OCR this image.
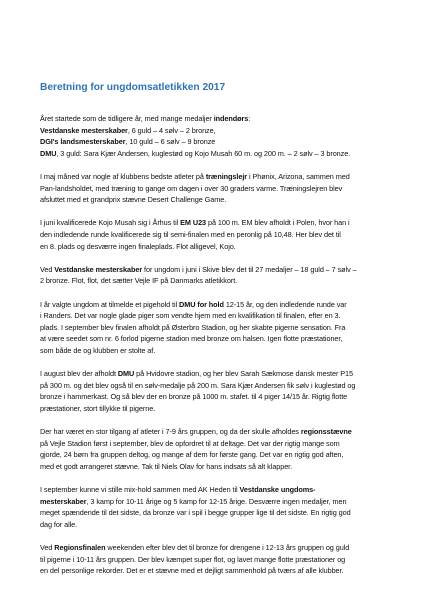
Beretning for ungdomsatletikken 2017
Året startede som de tidligere år, med mange medaljer indendørs:
Vestdanske mesterskaber, 6 guld – 4 sølv – 2 bronze,
DGI's landsmesterskaber, 10 guld – 6 sølv – 9 bronze
DMU, 3 guld: Sara Kjær Andersen, kuglestød og Kojo Musah 60 m. og 200 m. – 2 sølv – 3 bronze.
I maj måned var nogle af klubbens bedste atleter på træningslejr i Phønix, Arizona, sammen med
Pan-landsholdet, med træning to gange om dagen i over 30 graders varme. Træningslejren blev
afsluttet med et grandprix stævne Desert Challenge Game.
I juni kvalificerede Kojo Musah sig i Århus til EM U23 på 100 m. EM blev afholdt i Polen, hvor han i
den indledende runde kvalificerede sig til semi-finalen med en peronlig på 10,48. Her blev det til
en 8. plads og desværre ingen finaleplads. Flot alligevel, Kojo.
Ved Vestdanske mesterskaber for ungdom i juni i Skive blev det til 27 medaljer – 18 guld – 7 sølv –
2 bronze. Flot, flot, det sætter Vejle IF på Danmarks atletikkort.
I år valgte ungdom at tilmelde et pigehold til DMU for hold 12-15 år, og den indledende runde var
i Randers. Det var nogle glade piger som vendte hjem med en kvalifikation til finalen, efter en 3.
plads. I september blev finalen afholdt på Østerbro Stadion, og her skabte pigerne sensation. Fra
at være seedet som nr. 6 forlod pigerne stadion med bronze om halsen. Igen flotte præstationer,
som både de og klubben er stolte af.
I august blev der afholdt DMU på Hvidovre stadion, og her blev Sarah Sækmose dansk mester P15
på 300 m. og det blev også til en sølv-medalje på 200 m. Sara Kjær Andersen fik sølv i kuglestød og
bronze i hammerkast. Og så blev der en bronze på 1000 m. stafet. til 4 piger 14/15 år. Rigtig flotte
præstationer, stort tillykke til pigerne.
Der har været en stor tilgang af atleter i 7-9 års gruppen, og da der skulle afholdes regionsstævne
på Vejle Stadion først i september, blev de opfordret til at deltage. Det var der rigtig mange som
gjorde, 24 børn fra gruppen deltog, og mange af dem for første gang. Det var en rigtig god aften,
med et godt arrangeret stævne. Tak til Niels Olav for hans indsats så alt klapper.
I september kunne vi stille mix-hold sammen med AK Heden til Vestdanske ungdoms-
mesterskaber, 3 kamp for 10-11 årige og 5 kamp for 12-15 årige. Desværre ingen medaljer, men
meget spændende til det sidste, da bronze var i spil i begge grupper lige til det sidste. En rigtig god
dag for alle.
Ved Regionsfinalen weekenden efter blev det til bronze for drengene i 12-13 års gruppen og guld
til pigerne i 10-11 års gruppen. Der blev kæmpet super flot, og lavet mange flotte præstationer og
en del personlige rekorder. Det er et stævne med et dejligt sammenhold på tværs af alle klubber.
